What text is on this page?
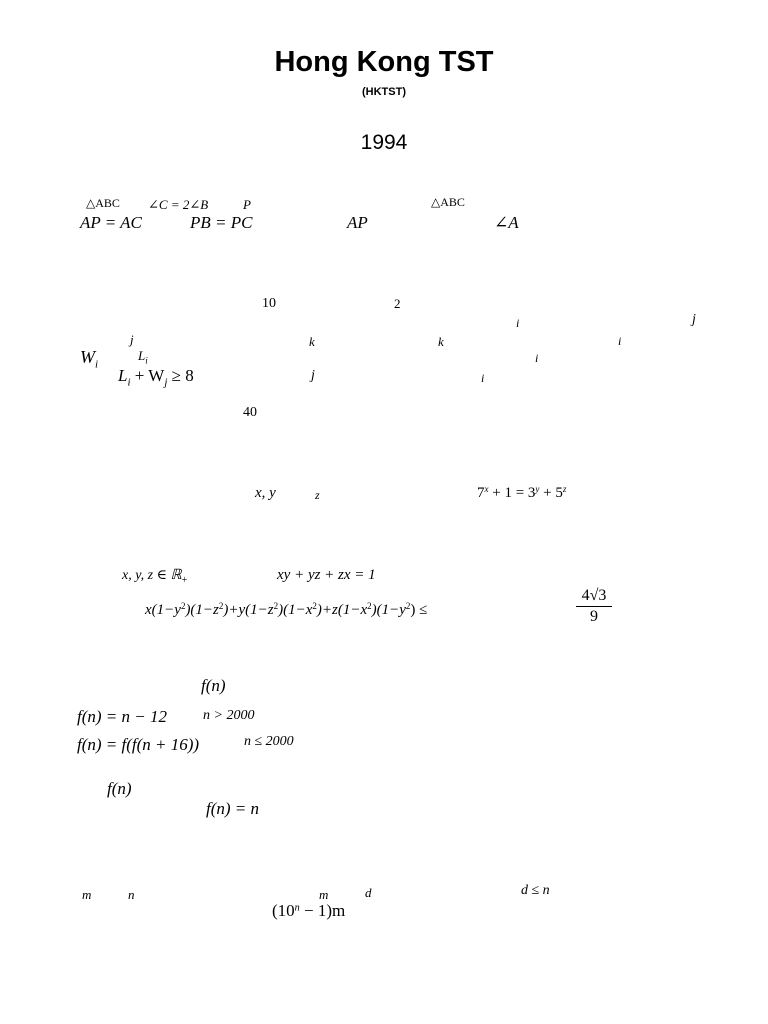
Hong Kong TST
(HKTST)
1994
△ABC ∠C = 2∠B	P	△ABC
AP = AC	PB = PC	AP	∠A
10	2
i	j
j	k	k	i
$W_i$
$L_i$	i
$L_i + W_j \ge 8$	j	i
40
x, y	z	$7^x + 1 = 3^y + 5^z$
x, y, z ∈ ℝ$_+$	xy + yz + zx = 1
$x(1-y^2)(1-z^2)+y(1-z^2)(1-x^2)+z(1-x^2)(1-y^2)$ ≤
4√3
9
f(n)
f(n) = n − 12	n > 2000
f(n) = f(f(n + 16))	n ≤ 2000
f(n)
f(n) = n
m	n	m	d	d ≤ n
$(10^n - 1)m$
